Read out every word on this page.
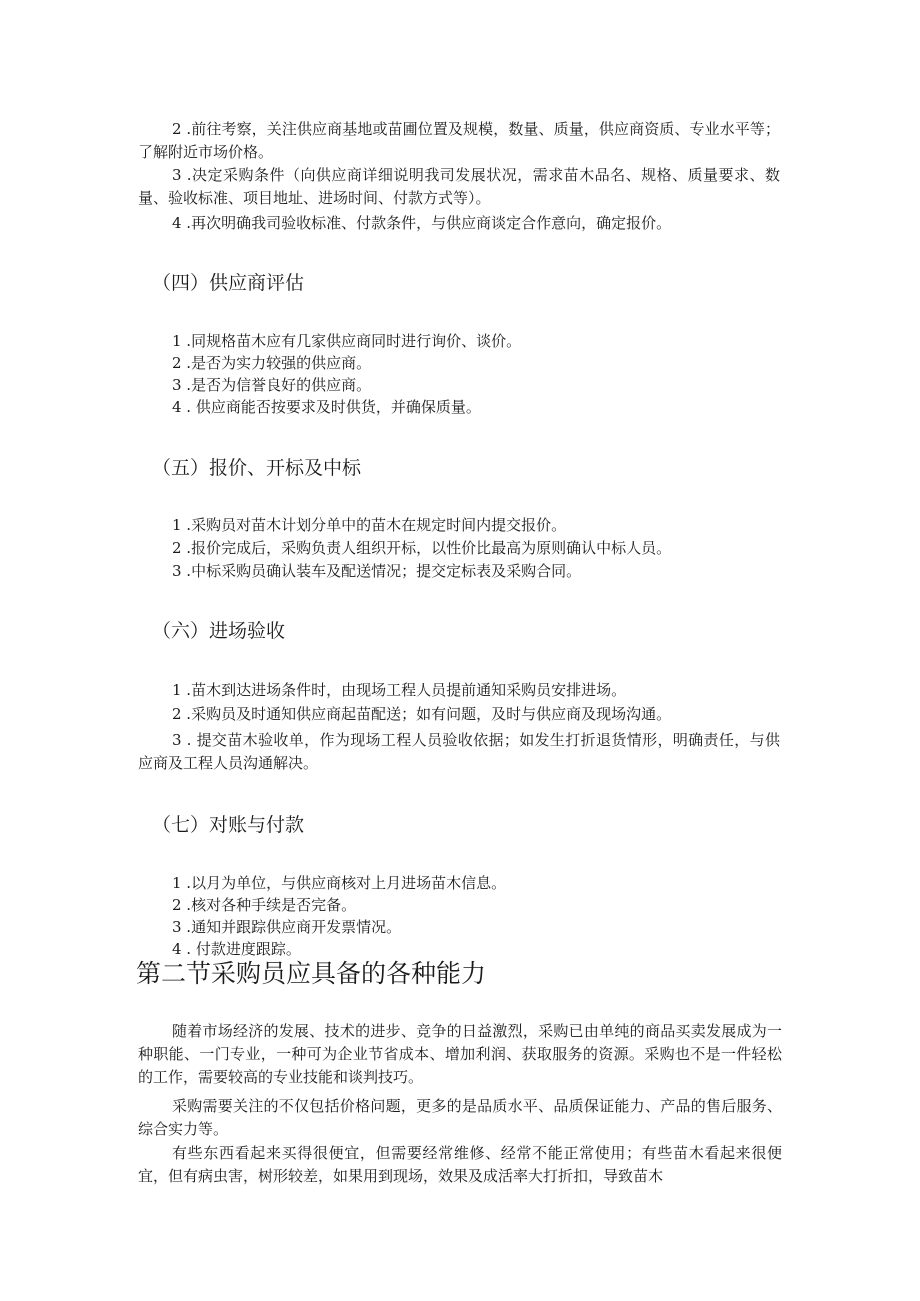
2 .前往考察，关注供应商基地或苗圃位置及规模，数量、质量，供应商资质、专业水平等；了解附近市场价格。
3 .决定采购条件（向供应商详细说明我司发展状况，需求苗木品名、规格、质量要求、数量、验收标准、项目地址、进场时间、付款方式等）。
4 .再次明确我司验收标准、付款条件，与供应商谈定合作意向，确定报价。
（四）供应商评估
1 .同规格苗木应有几家供应商同时进行询价、谈价。
2 .是否为实力较强的供应商。
3 .是否为信誉良好的供应商。
4 . 供应商能否按要求及时供货，并确保质量。
（五）报价、开标及中标
1 .采购员对苗木计划分单中的苗木在规定时间内提交报价。
2 .报价完成后，采购负责人组织开标，以性价比最高为原则确认中标人员。
3 .中标采购员确认装车及配送情况；提交定标表及采购合同。
（六）进场验收
1 .苗木到达进场条件时，由现场工程人员提前通知采购员安排进场。
2 .采购员及时通知供应商起苗配送；如有问题，及时与供应商及现场沟通。
3 . 提交苗木验收单，作为现场工程人员验收依据；如发生打折退货情形，明确责任，与供应商及工程人员沟通解决。
（七）对账与付款
1 .以月为单位，与供应商核对上月进场苗木信息。
2 .核对各种手续是否完备。
3 .通知并跟踪供应商开发票情况。
4 . 付款进度跟踪。
第二节采购员应具备的各种能力
随着市场经济的发展、技术的进步、竞争的日益激烈，采购已由单纯的商品买卖发展成为一种职能、一门专业，一种可为企业节省成本、增加利润、获取服务的资源。采购也不是一件轻松的工作，需要较高的专业技能和谈判技巧。
采购需要关注的不仅包括价格问题，更多的是品质水平、品质保证能力、产品的售后服务、综合实力等。
有些东西看起来买得很便宜，但需要经常维修、经常不能正常使用；有些苗木看起来很便宜，但有病虫害，树形较差，如果用到现场，效果及成活率大打折扣，导致苗木
